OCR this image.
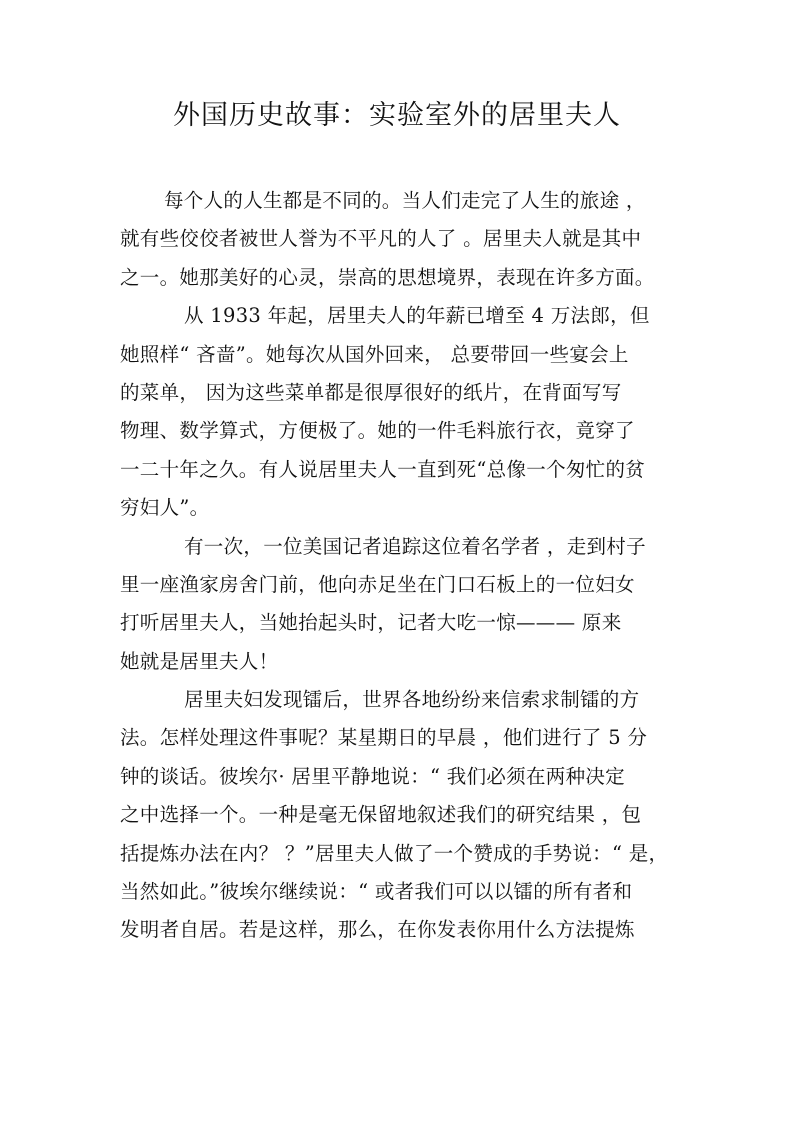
外国历史故事：实验室外的居里夫人
每个人的人生都是不同的。当人们走完了人生的旅途 ，
就有些佼佼者被世人誉为不平凡的人了 。居里夫人就是其中
之一。她那美好的心灵，崇高的思想境界，表现在许多方面。
从 1933 年起，居里夫人的年薪已增至 4 万法郎，但
她照样“ 吝啬”。她每次从国外回来， 总要带回一些宴会上
的菜单， 因为这些菜单都是很厚很好的纸片，在背面写写
物理、数学算式，方便极了。她的一件毛料旅行衣，竟穿了
一二十年之久。有人说居里夫人一直到死“总像一个匆忙的贫
穷妇人”。
有一次，一位美国记者追踪这位着名学者 ，走到村子
里一座渔家房舍门前，他向赤足坐在门口石板上的一位妇女
打听居里夫人，当她抬起头时，记者大吃一惊——— 原来
她就是居里夫人！
居里夫妇发现镭后，世界各地纷纷来信索求制镭的方
法。怎样处理这件事呢？某星期日的早晨 ，他们进行了 5 分
钟的谈话。彼埃尔· 居里平静地说：“ 我们必须在两种决定
之中选择一个。一种是毫无保留地叙述我们的研究结果 ，包
括提炼办法在内？ ？”居里夫人做了一个赞成的手势说：“ 是，
当然如此。”彼埃尔继续说：“ 或者我们可以以镭的所有者和
发明者自居。若是这样，那么，在你发表你用什么方法提炼
